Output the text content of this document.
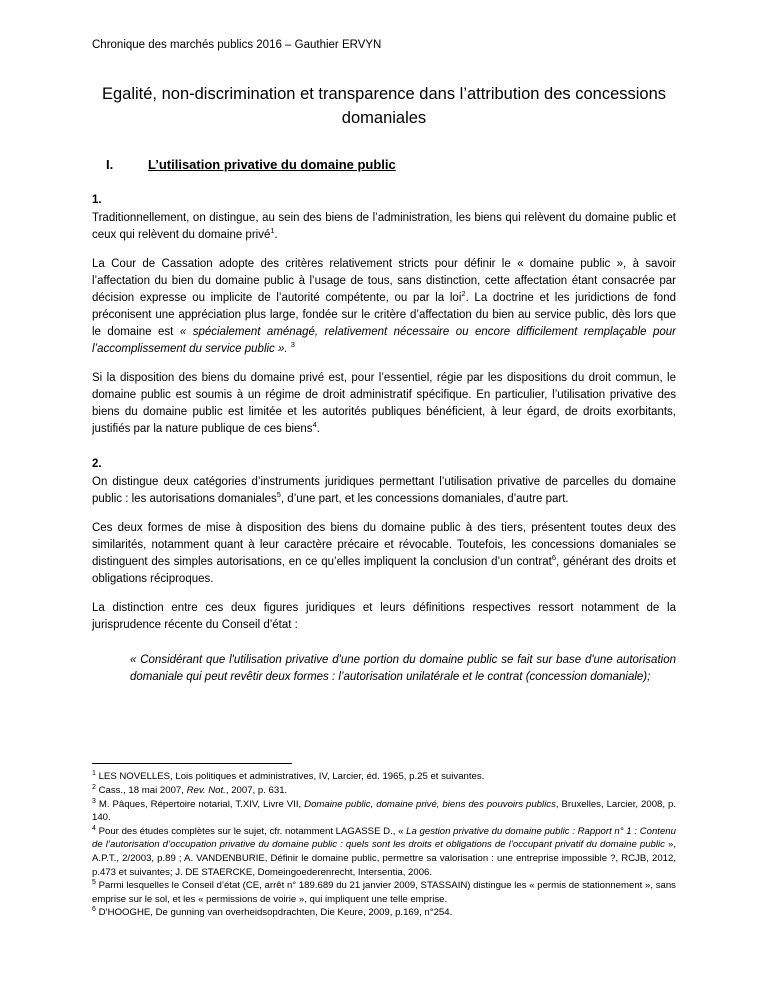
Chronique des marchés publics 2016 – Gauthier ERVYN
Egalité, non-discrimination et transparence dans l’attribution des concessions domaniales
I.	L’utilisation privative du domaine public

1.

Traditionnellement, on distingue, au sein des biens de l’administration, les biens qui relèvent du domaine public et ceux qui relèvent du domaine privé$^1$.

La Cour de Cassation adopte des critères relativement stricts pour définir le « domaine public », à savoir l’affectation du bien du domaine public à l’usage de tous, sans distinction, cette affectation étant consacrée par décision expresse ou implicite de l’autorité compétente, ou par la loi$^2$. La doctrine et les juridictions de fond préconisent une appréciation plus large, fondée sur le critère d’affectation du bien au service public, dès lors que le domaine est « spécialement aménagé, relativement nécessaire ou encore difficilement remplaçable pour l’accomplissement du service public ». $^3$

Si la disposition des biens du domaine privé est, pour l’essentiel, régie par les dispositions du droit commun, le domaine public est soumis à un régime de droit administratif spécifique. En particulier, l’utilisation privative des biens du domaine public est limitée et les autorités publiques bénéficient, à leur égard, de droits exorbitants, justifiés par la nature publique de ces biens$^4$.

2.

On distingue deux catégories d’instruments juridiques permettant l’utilisation privative de parcelles du domaine public : les autorisations domaniales$^5$, d’une part, et les concessions domaniales, d’autre part.

Ces deux formes de mise à disposition des biens du domaine public à des tiers, présentent toutes deux des similarités, notamment quant à leur caractère précaire et révocable. Toutefois, les concessions domaniales se distinguent des simples autorisations, en ce qu’elles impliquent la conclusion d’un contrat$^6$, générant des droits et obligations réciproques.

La distinction entre ces deux figures juridiques et leurs définitions respectives ressort notamment de la jurisprudence récente du Conseil d’état :

« Considérant que l'utilisation privative d'une portion du domaine public se fait sur base d'une autorisation domaniale qui peut revêtir deux formes : l’autorisation unilatérale et le contrat (concession domaniale);

$^1$ LES NOVELLES, Lois politiques et administratives, IV, Larcier, éd. 1965, p.25 et suivantes.

$^2$ Cass., 18 mai 2007, Rev. Not., 2007, p. 631.

$^3$ M. Pâques, Répertoire notarial, T.XIV, Livre VII, Domaine public, domaine privé, biens des pouvoirs publics, Bruxelles, Larcier, 2008, p. 140.

$^4$ Pour des études complètes sur le sujet, cfr. notamment LAGASSE D., « La gestion privative du domaine public : Rapport n° 1 : Contenu de l’autorisation d’occupation privative du domaine public : quels sont les droits et obligations de l’occupant privatif du domaine public », A.P.T., 2/2003, p.89 ; A. VANDENBURIE, Définir le domaine public, permettre sa valorisation : une entreprise impossible ?, RCJB, 2012, p.473 et suivantes; J. DE STAERCKE, Domeingoederenrecht, Intersentia, 2006.

$^5$ Parmi lesquelles le Conseil d’état (CE, arrêt n° 189.689 du 21 janvier 2009, STASSAIN) distingue les « permis de stationnement », sans emprise sur le sol, et les « permissions de voirie », qui impliquent une telle emprise.

$^6$ D’HOOGHE, De gunning van overheidsopdrachten, Die Keure, 2009, p.169, n°254.
